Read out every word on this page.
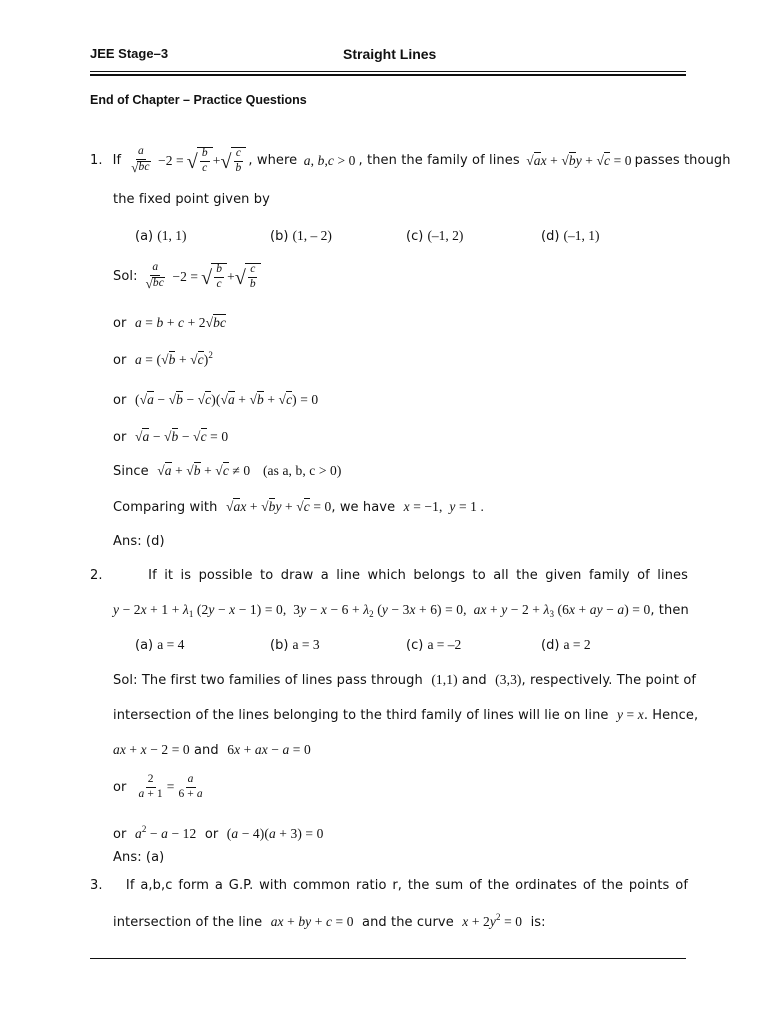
JEE Stage–3	Straight Lines
End of Chapter – Practice Questions
1. If $\frac{a}{√ bc} -2$ = √ $\frac{b}{c}$ + √ $\frac{c}{b}$ , where a, b,c > 0 , then the family of lines √ax + √by + √c = 0 passes though
the fixed point given by
(a) (1, 1)	(b) (1, – 2)	(c) (–1, 2)	(d) (–1, 1)
Sol: $\frac{a}{√ bc} -2$ = √ $\frac{b}{c}$ + √ $\frac{c}{b}$
or a = b + c + 2√bc
or $a = (√b + √c)^2$
or (√a − √b − √c)(√a + √b + √c) = 0
or √a − √b − √c = 0
Since √a + √b + √c ≠ 0 (as a, b, c > 0)
Comparing with √ax + √by + √c = 0, we have x = −1,  y = 1 .
Ans: (d)
2.	If it is possible to draw a line which belongs to all the given family of lines
$y - 2x + 1 + \lambda_1$ (2y − x − 1) = 0,  $3y - x - 6 + \lambda_2$ (y − 3x + 6) = 0,  ax + $y - 2 + \lambda_3$ (6x + ay − a) = 0, then
(a) a = 4	(b) a = 3	(c) a = –2	(d) a = 2
Sol: The first two families of lines pass through (1,1) and (3,3), respectively. The point of
intersection of the lines belonging to the third family of lines will lie on line y = x. Hence,
ax + x − 2 = 0 and 6x + ax − a = 0
or $\frac{2}{a + 1} = \frac{a}{6 + a}$
or $a^2 - a - 12$ or (a − 4)(a + 3) = 0
Ans: (a)
3. If a,b,c form a G.P. with common ratio r, the sum of the ordinates of the points of
intersection of the line ax + by + c = 0 and the curve $x + 2y^2 = 0$ is:
